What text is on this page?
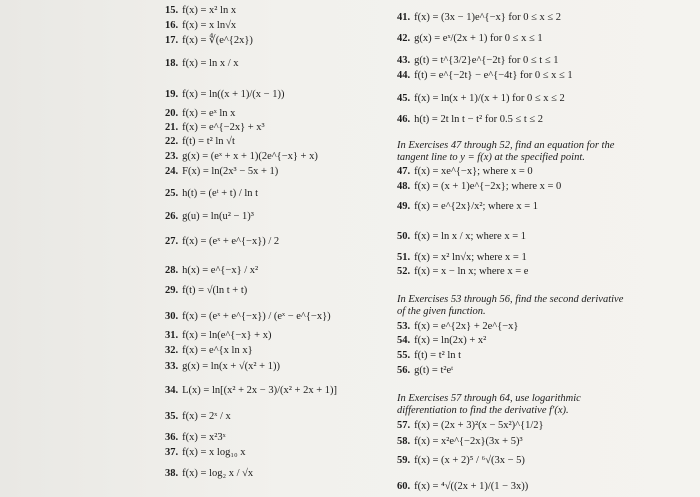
15. f(x) = x² ln x
16. f(x) = x ln√x
17. f(x) = ∜(e^{2x})
18. f(x) = ln x / x
19. f(x) = ln((x + 1)/(x − 1))
20. f(x) = eˣ ln x
21. f(x) = e^{−2x} + x³
22. f(t) = t² ln √t
23. g(x) = (eˣ + x + 1)(2e^{−x} + x)
24. F(x) = ln(2x³ − 5x + 1)
25. h(t) = (eᵗ + t) / ln t
26. g(u) = ln(u² − 1)³
27. f(x) = (eˣ + e^{−x}) / 2
28. h(x) = e^{−x} / x²
29. f(t) = √(ln t + t)
30. f(x) = (eˣ + e^{−x}) / (eˣ − e^{−x})
31. f(x) = ln(e^{−x} + x)
32. f(x) = e^{x ln x}
33. g(x) = ln(x + √(x² + 1))
34. L(x) = ln[(x² + 2x − 3)/(x² + 2x + 1)]
35. f(x) = 2ˣ / x
36. f(x) = x²3ˣ
37. f(x) = x log₁₀ x
38. f(x) = log₂ x / √x
41. f(x) = (3x − 1)e^{−x} for 0 ≤ x ≤ 2
42. g(x) = eˣ/(2x + 1) for 0 ≤ x ≤ 1
43. g(t) = t^{3/2}e^{−2t} for 0 ≤ t ≤ 1
44. f(t) = e^{−2t} − e^{−4t} for 0 ≤ x ≤ 1
45. f(x) = ln(x + 1)/(x + 1) for 0 ≤ x ≤ 2
46. h(t) = 2t ln t − t² for 0.5 ≤ t ≤ 2
In Exercises 47 through 52, find an equation for the
tangent line to y = f(x) at the specified point.
47. f(x) = xe^{−x}; where x = 0
48. f(x) = (x + 1)e^{−2x}; where x = 0
49. f(x) = e^{2x}/x²; where x = 1
50. f(x) = ln x / x; where x = 1
51. f(x) = x² ln√x; where x = 1
52. f(x) = x − ln x; where x = e
In Exercises 53 through 56, find the second derivative
of the given function.
53. f(x) = e^{2x} + 2e^{−x}
54. f(x) = ln(2x) + x²
55. f(t) = t² ln t
56. g(t) = t²eᵗ
In Exercises 57 through 64, use logarithmic
differentiation to find the derivative f′(x).
57. f(x) = (2x + 3)²(x − 5x²)^{1/2}
58. f(x) = x²e^{−2x}(3x + 5)³
59. f(x) = (x + 2)⁵ / ⁶√(3x − 5)
60. f(x) = ⁴√((2x + 1)/(1 − 3x))
